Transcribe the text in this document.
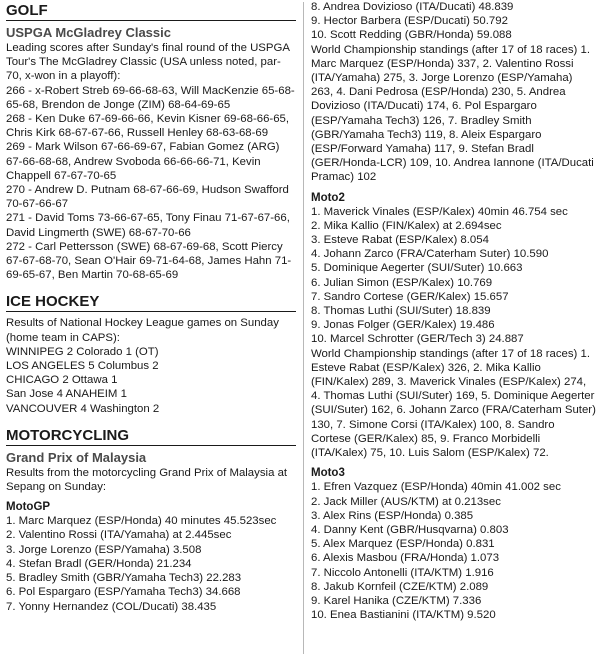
GOLF
USPGA McGladrey Classic
Leading scores after Sunday's final round of the USPGA Tour's The McGladrey Classic (USA unless noted, par-70, x-won in a playoff):
266 - x-Robert Streb 69-66-68-63, Will MacKenzie 65-68-65-68, Brendon de Jonge (ZIM) 68-64-69-65
268 - Ken Duke 67-69-66-66, Kevin Kisner 69-68-66-65, Chris Kirk 68-67-67-66, Russell Henley 68-63-68-69
269 - Mark Wilson 67-66-69-67, Fabian Gomez (ARG) 67-66-68-68, Andrew Svoboda 66-66-66-71, Kevin Chappell 67-67-70-65
270 - Andrew D. Putnam 68-67-66-69, Hudson Swafford 70-67-66-67
271 - David Toms 73-66-67-65, Tony Finau 71-67-67-66, David Lingmerth (SWE) 68-67-70-66
272 - Carl Pettersson (SWE) 68-67-69-68, Scott Piercy 67-67-68-70, Sean O'Hair 69-71-64-68, James Hahn 71-69-65-67, Ben Martin 70-68-65-69
ICE HOCKEY
Results of National Hockey League games on Sunday (home team in CAPS):
WINNIPEG 2 Colorado 1 (OT)
LOS ANGELES 5 Columbus 2
CHICAGO 2 Ottawa 1
San Jose 4 ANAHEIM 1
VANCOUVER 4 Washington 2
MOTORCYCLING
Grand Prix of Malaysia
Results from the motorcycling Grand Prix of Malaysia at Sepang on Sunday:
MotoGP
1. Marc Marquez (ESP/Honda) 40 minutes 45.523sec
2. Valentino Rossi (ITA/Yamaha) at 2.445sec
3. Jorge Lorenzo (ESP/Yamaha) 3.508
4. Stefan Bradl (GER/Honda) 21.234
5. Bradley Smith (GBR/Yamaha Tech3) 22.283
6. Pol Espargaro (ESP/Yamaha Tech3) 34.668
7. Yonny Hernandez (COL/Ducati) 38.435
8. Andrea Dovizioso (ITA/Ducati) 48.839
9. Hector Barbera (ESP/Ducati) 50.792
10. Scott Redding (GBR/Honda) 59.088
World Championship standings (after 17 of 18 races) 1. Marc Marquez (ESP/Honda) 337, 2. Valentino Rossi (ITA/Yamaha) 275, 3. Jorge Lorenzo (ESP/Yamaha) 263, 4. Dani Pedrosa (ESP/Honda) 230, 5. Andrea Dovizioso (ITA/Ducati) 174, 6. Pol Espargaro (ESP/Yamaha Tech3) 126, 7. Bradley Smith (GBR/Yamaha Tech3) 119, 8. Aleix Espargaro (ESP/Forward Yamaha) 117, 9. Stefan Bradl (GER/Honda-LCR) 109, 10. Andrea Iannone (ITA/Ducati Pramac) 102
Moto2
1. Maverick Vinales (ESP/Kalex) 40min 46.754 sec
2. Mika Kallio (FIN/Kalex) at 2.694sec
3. Esteve Rabat (ESP/Kalex) 8.054
4. Johann Zarco (FRA/Caterham Suter) 10.590
5. Dominique Aegerter (SUI/Suter) 10.663
6. Julian Simon (ESP/Kalex) 10.769
7. Sandro Cortese (GER/Kalex) 15.657
8. Thomas Luthi (SUI/Suter) 18.839
9. Jonas Folger (GER/Kalex) 19.486
10. Marcel Schrotter (GER/Tech 3) 24.887
World Championship standings (after 17 of 18 races) 1. Esteve Rabat (ESP/Kalex) 326, 2. Mika Kallio (FIN/Kalex) 289, 3. Maverick Vinales (ESP/Kalex) 274, 4. Thomas Luthi (SUI/Suter) 169, 5. Dominique Aegerter (SUI/Suter) 162, 6. Johann Zarco (FRA/Caterham Suter) 130, 7. Simone Corsi (ITA/Kalex) 100, 8. Sandro Cortese (GER/Kalex) 85, 9. Franco Morbidelli (ITA/Kalex) 75, 10. Luis Salom (ESP/Kalex) 72.
Moto3
1. Efren Vazquez (ESP/Honda) 40min 41.002 sec
2. Jack Miller (AUS/KTM) at 0.213sec
3. Alex Rins (ESP/Honda) 0.385
4. Danny Kent (GBR/Husqvarna) 0.803
5. Alex Marquez (ESP/Honda) 0.831
6. Alexis Masbou (FRA/Honda) 1.073
7. Niccolo Antonelli (ITA/KTM) 1.916
8. Jakub Kornfeil (CZE/KTM) 2.089
9. Karel Hanika (CZE/KTM) 7.336
10. Enea Bastianini (ITA/KTM) 9.520
